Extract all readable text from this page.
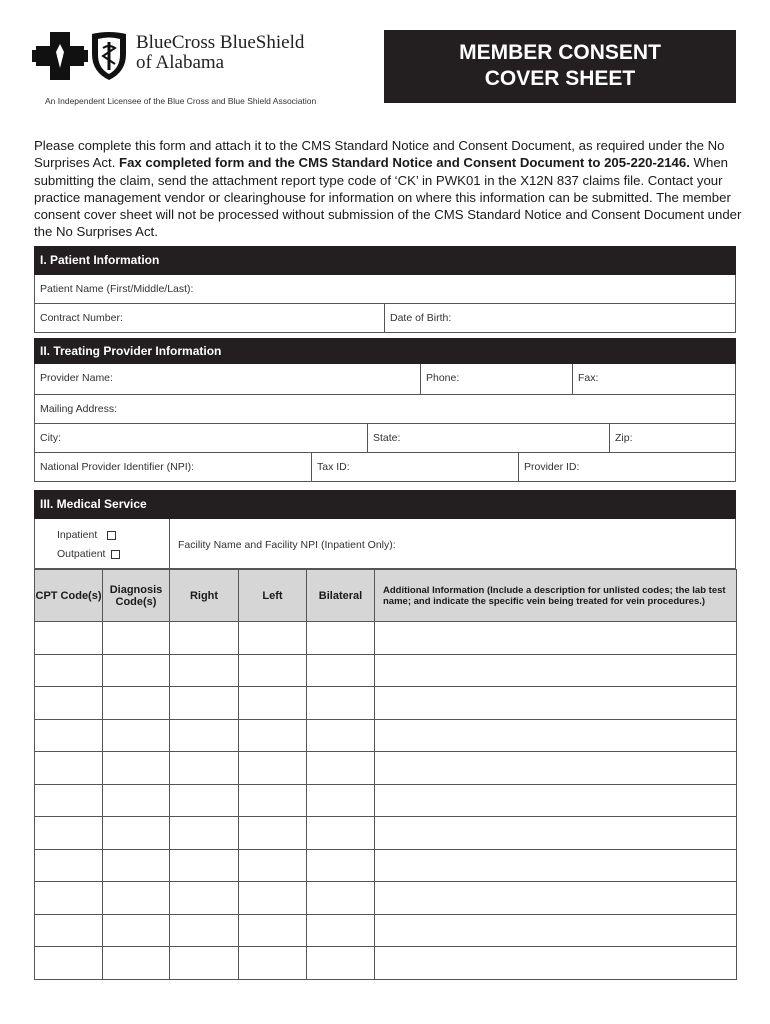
BlueCross BlueShield
of Alabama
An Independent Licensee of the Blue Cross and Blue Shield Association
MEMBER CONSENT
COVER SHEET
Please complete this form and attach it to the CMS Standard Notice and Consent Document, as required under the No Surprises Act. Fax completed form and the CMS Standard Notice and Consent Document to 205-220-2146. When submitting the claim, send the attachment report type code of ‘CK’ in PWK01 in the X12N 837 claims file. Contact your practice management vendor or clearinghouse for information on where this information can be submitted. The member consent cover sheet will not be processed without submission of the CMS Standard Notice and Consent Document under the No Surprises Act.
I. Patient Information
Patient Name (First/Middle/Last):
Contract Number:	Date of Birth:
II. Treating Provider Information
Provider Name:	Phone:	Fax:
Mailing Address:
City:	State:	Zip:
National Provider Identifier (NPI):	Tax ID:	Provider ID:
III. Medical Service
Inpatient
Outpatient
Facility Name and Facility NPI (Inpatient Only):
CPT Code(s)	Diagnosis Code(s)	Right	Left	Bilateral	Additional Information (Include a description for unlisted codes; the lab test name; and indicate the specific vein being treated for vein procedures.)
